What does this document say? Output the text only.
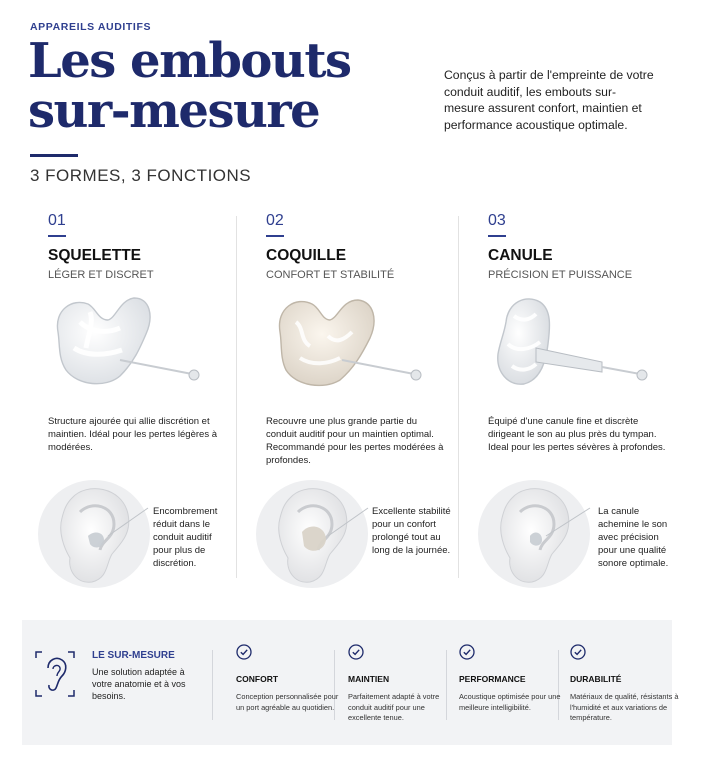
APPAREILS AUDITIFS
Les embouts
sur-mesure
3 FORMES, 3 FONCTIONS
Conçus à partir de l'empreinte de votre conduit auditif, les embouts sur-mesure assurent confort, maintien et performance acoustique optimale.
01
SQUELETTE
LÉGER ET DISCRET
02
COQUILLE
CONFORT ET STABILITÉ
03
CANULE
PRÉCISION ET PUISSANCE
Structure ajourée qui allie discrétion et maintien. Idéal pour les pertes légères à modérées.
Recouvre une plus grande partie du conduit auditif pour un maintien optimal. Recommandé pour les pertes modérées à profondes.
Équipé d'une canule fine et discrète dirigeant le son au plus près du tympan. Ideal pour les pertes sévères à profondes.
Encombrement réduit dans le conduit auditif pour plus de discrétion.
Excellente stabilité pour un confort prolongé tout au long de la journée.
La canule achemine le son avec précision pour une qualité sonore optimale.
LE SUR-MESURE
Une solution adaptée à votre anatomie et à vos besoins.
CONFORT
Conception personnalisée pour un port agréable au quotidien.
MAINTIEN
Parfaitement adapté à votre conduit auditif pour une excellente tenue.
PERFORMANCE
Acoustique optimisée pour une meilleure intelligibilité.
DURABILITÉ
Matériaux de qualité, résistants à l'humidité et aux variations de température.
